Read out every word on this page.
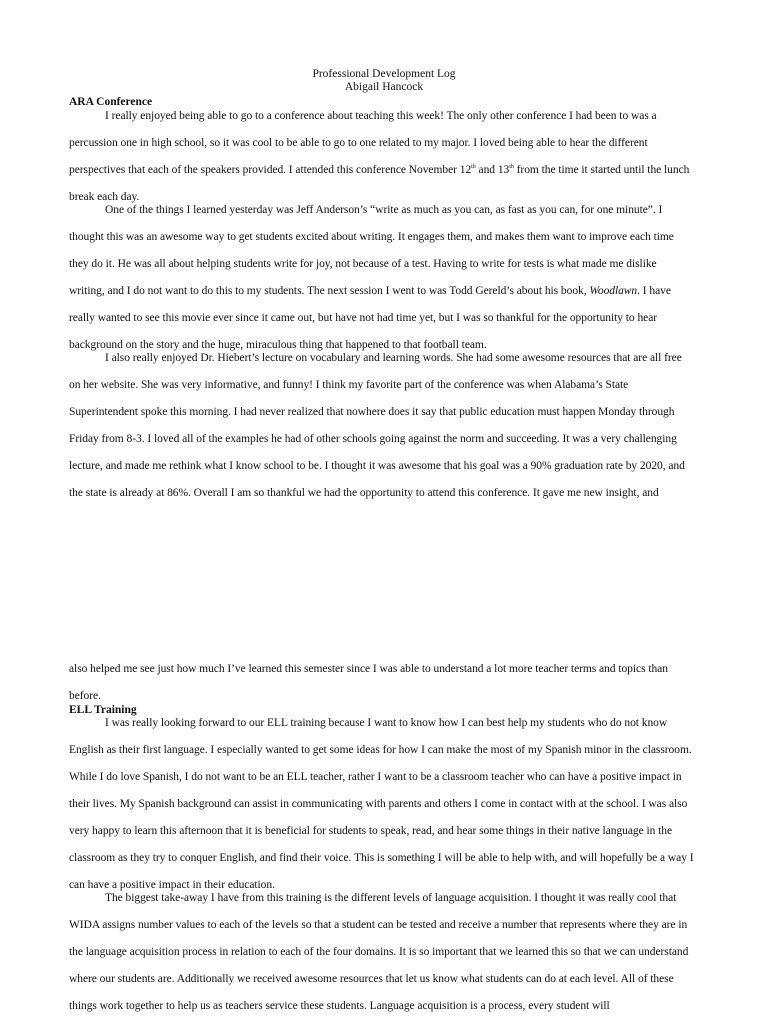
Professional Development Log
Abigail Hancock
ARA Conference

I really enjoyed being able to go to a conference about teaching this week! The only other conference I had been to was a percussion one in high school, so it was cool to be able to go to one related to my major. I loved being able to hear the different perspectives that each of the speakers provided. I attended this conference November 12th and 13th from the time it started until the lunch break each day.

One of the things I learned yesterday was Jeff Anderson’s “write as much as you can, as fast as you can, for one minute”. I thought this was an awesome way to get students excited about writing. It engages them, and makes them want to improve each time they do it. He was all about helping students write for joy, not because of a test. Having to write for tests is what made me dislike writing, and I do not want to do this to my students. The next session I went to was Todd Gereld’s about his book, Woodlawn. I have really wanted to see this movie ever since it came out, but have not had time yet, but I was so thankful for the opportunity to hear background on the story and the huge, miraculous thing that happened to that football team.

I also really enjoyed Dr. Hiebert’s lecture on vocabulary and learning words. She had some awesome resources that are all free on her website. She was very informative, and funny! I think my favorite part of the conference was when Alabama’s State Superintendent spoke this morning. I had never realized that nowhere does it say that public education must happen Monday through Friday from 8-3. I loved all of the examples he had of other schools going against the norm and succeeding. It was a very challenging lecture, and made me rethink what I know school to be. I thought it was awesome that his goal was a 90% graduation rate by 2020, and the state is already at 86%. Overall I am so thankful we had the opportunity to attend this conference. It gave me new insight, and

also helped me see just how much I’ve learned this semester since I was able to understand a lot more teacher terms and topics than before.

ELL Training

I was really looking forward to our ELL training because I want to know how I can best help my students who do not know English as their first language. I especially wanted to get some ideas for how I can make the most of my Spanish minor in the classroom. While I do love Spanish, I do not want to be an ELL teacher, rather I want to be a classroom teacher who can have a positive impact in their lives. My Spanish background can assist in communicating with parents and others I come in contact with at the school. I was also very happy to learn this afternoon that it is beneficial for students to speak, read, and hear some things in their native language in the classroom as they try to conquer English, and find their voice. This is something I will be able to help with, and will hopefully be a way I can have a positive impact in their education.

The biggest take-away I have from this training is the different levels of language acquisition. I thought it was really cool that WIDA assigns number values to each of the levels so that a student can be tested and receive a number that represents where they are in the language acquisition process in relation to each of the four domains. It is so important that we learned this so that we can understand where our students are. Additionally we received awesome resources that let us know what students can do at each level. All of these things work together to help us as teachers service these students. Language acquisition is a process, every student will
